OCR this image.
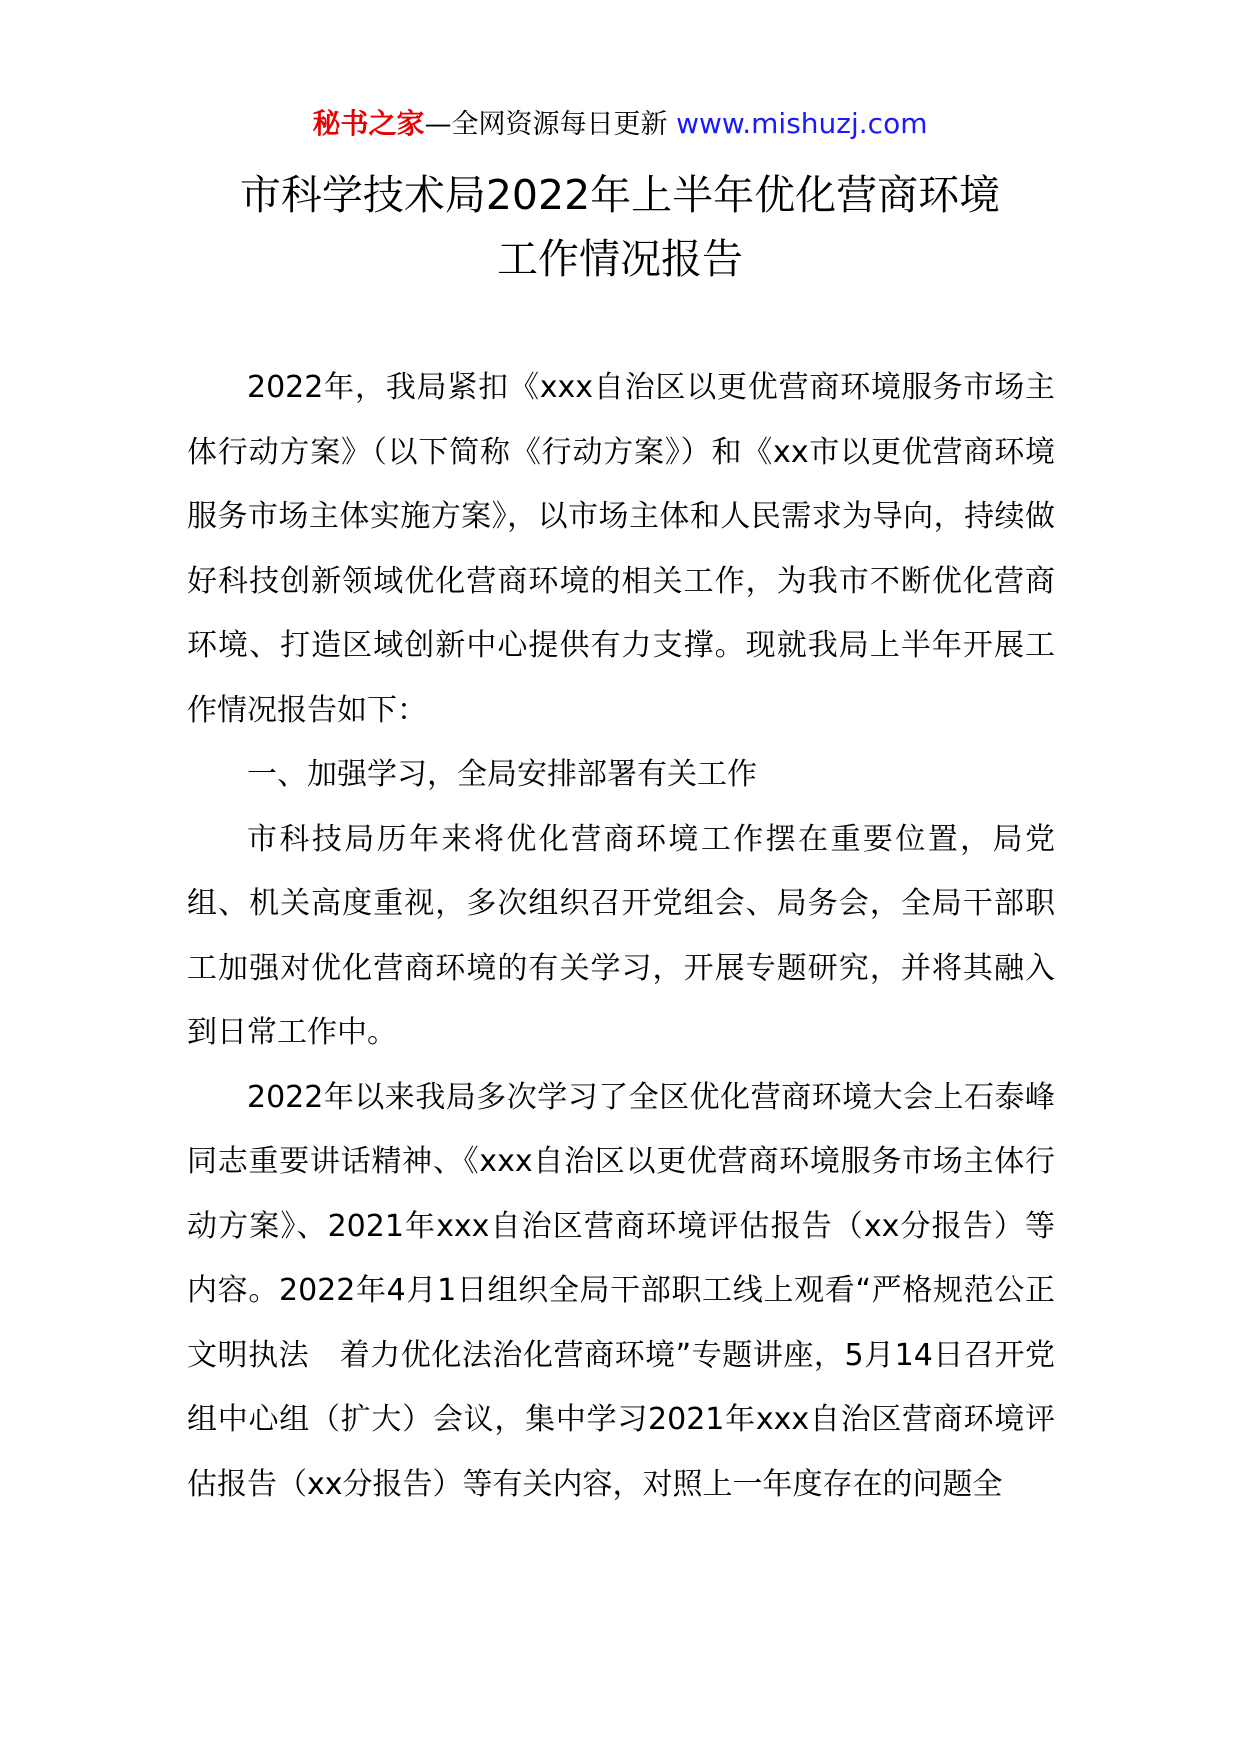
秘书之家—全网资源每日更新 www.mishuzj.com
市科学技术局2022年上半年优化营商环境
工作情况报告

2022年，我局紧扣《xxx自治区以更优营商环境服务市场主体行动方案》（以下简称《行动方案》）和《xx市以更优营商环境服务市场主体实施方案》，以市场主体和人民需求为导向，持续做好科技创新领域优化营商环境的相关工作，为我市不断优化营商环境、打造区域创新中心提供有力支撑。现就我局上半年开展工作情况报告如下：

一、加强学习，全局安排部署有关工作

市科技局历年来将优化营商环境工作摆在重要位置，局党组、机关高度重视，多次组织召开党组会、局务会，全局干部职工加强对优化营商环境的有关学习，开展专题研究，并将其融入到日常工作中。

2022年以来我局多次学习了全区优化营商环境大会上石泰峰同志重要讲话精神、《xxx自治区以更优营商环境服务市场主体行动方案》、2021年xxx自治区营商环境评估报告（xx分报告）等内容。2022年4月1日组织全局干部职工线上观看“严格规范公正文明执法　着力优化法治化营商环境”专题讲座，5月14日召开党组中心组（扩大）会议，集中学习2021年xxx自治区营商环境评估报告（xx分报告）等有关内容，对照上一年度存在的问题全
